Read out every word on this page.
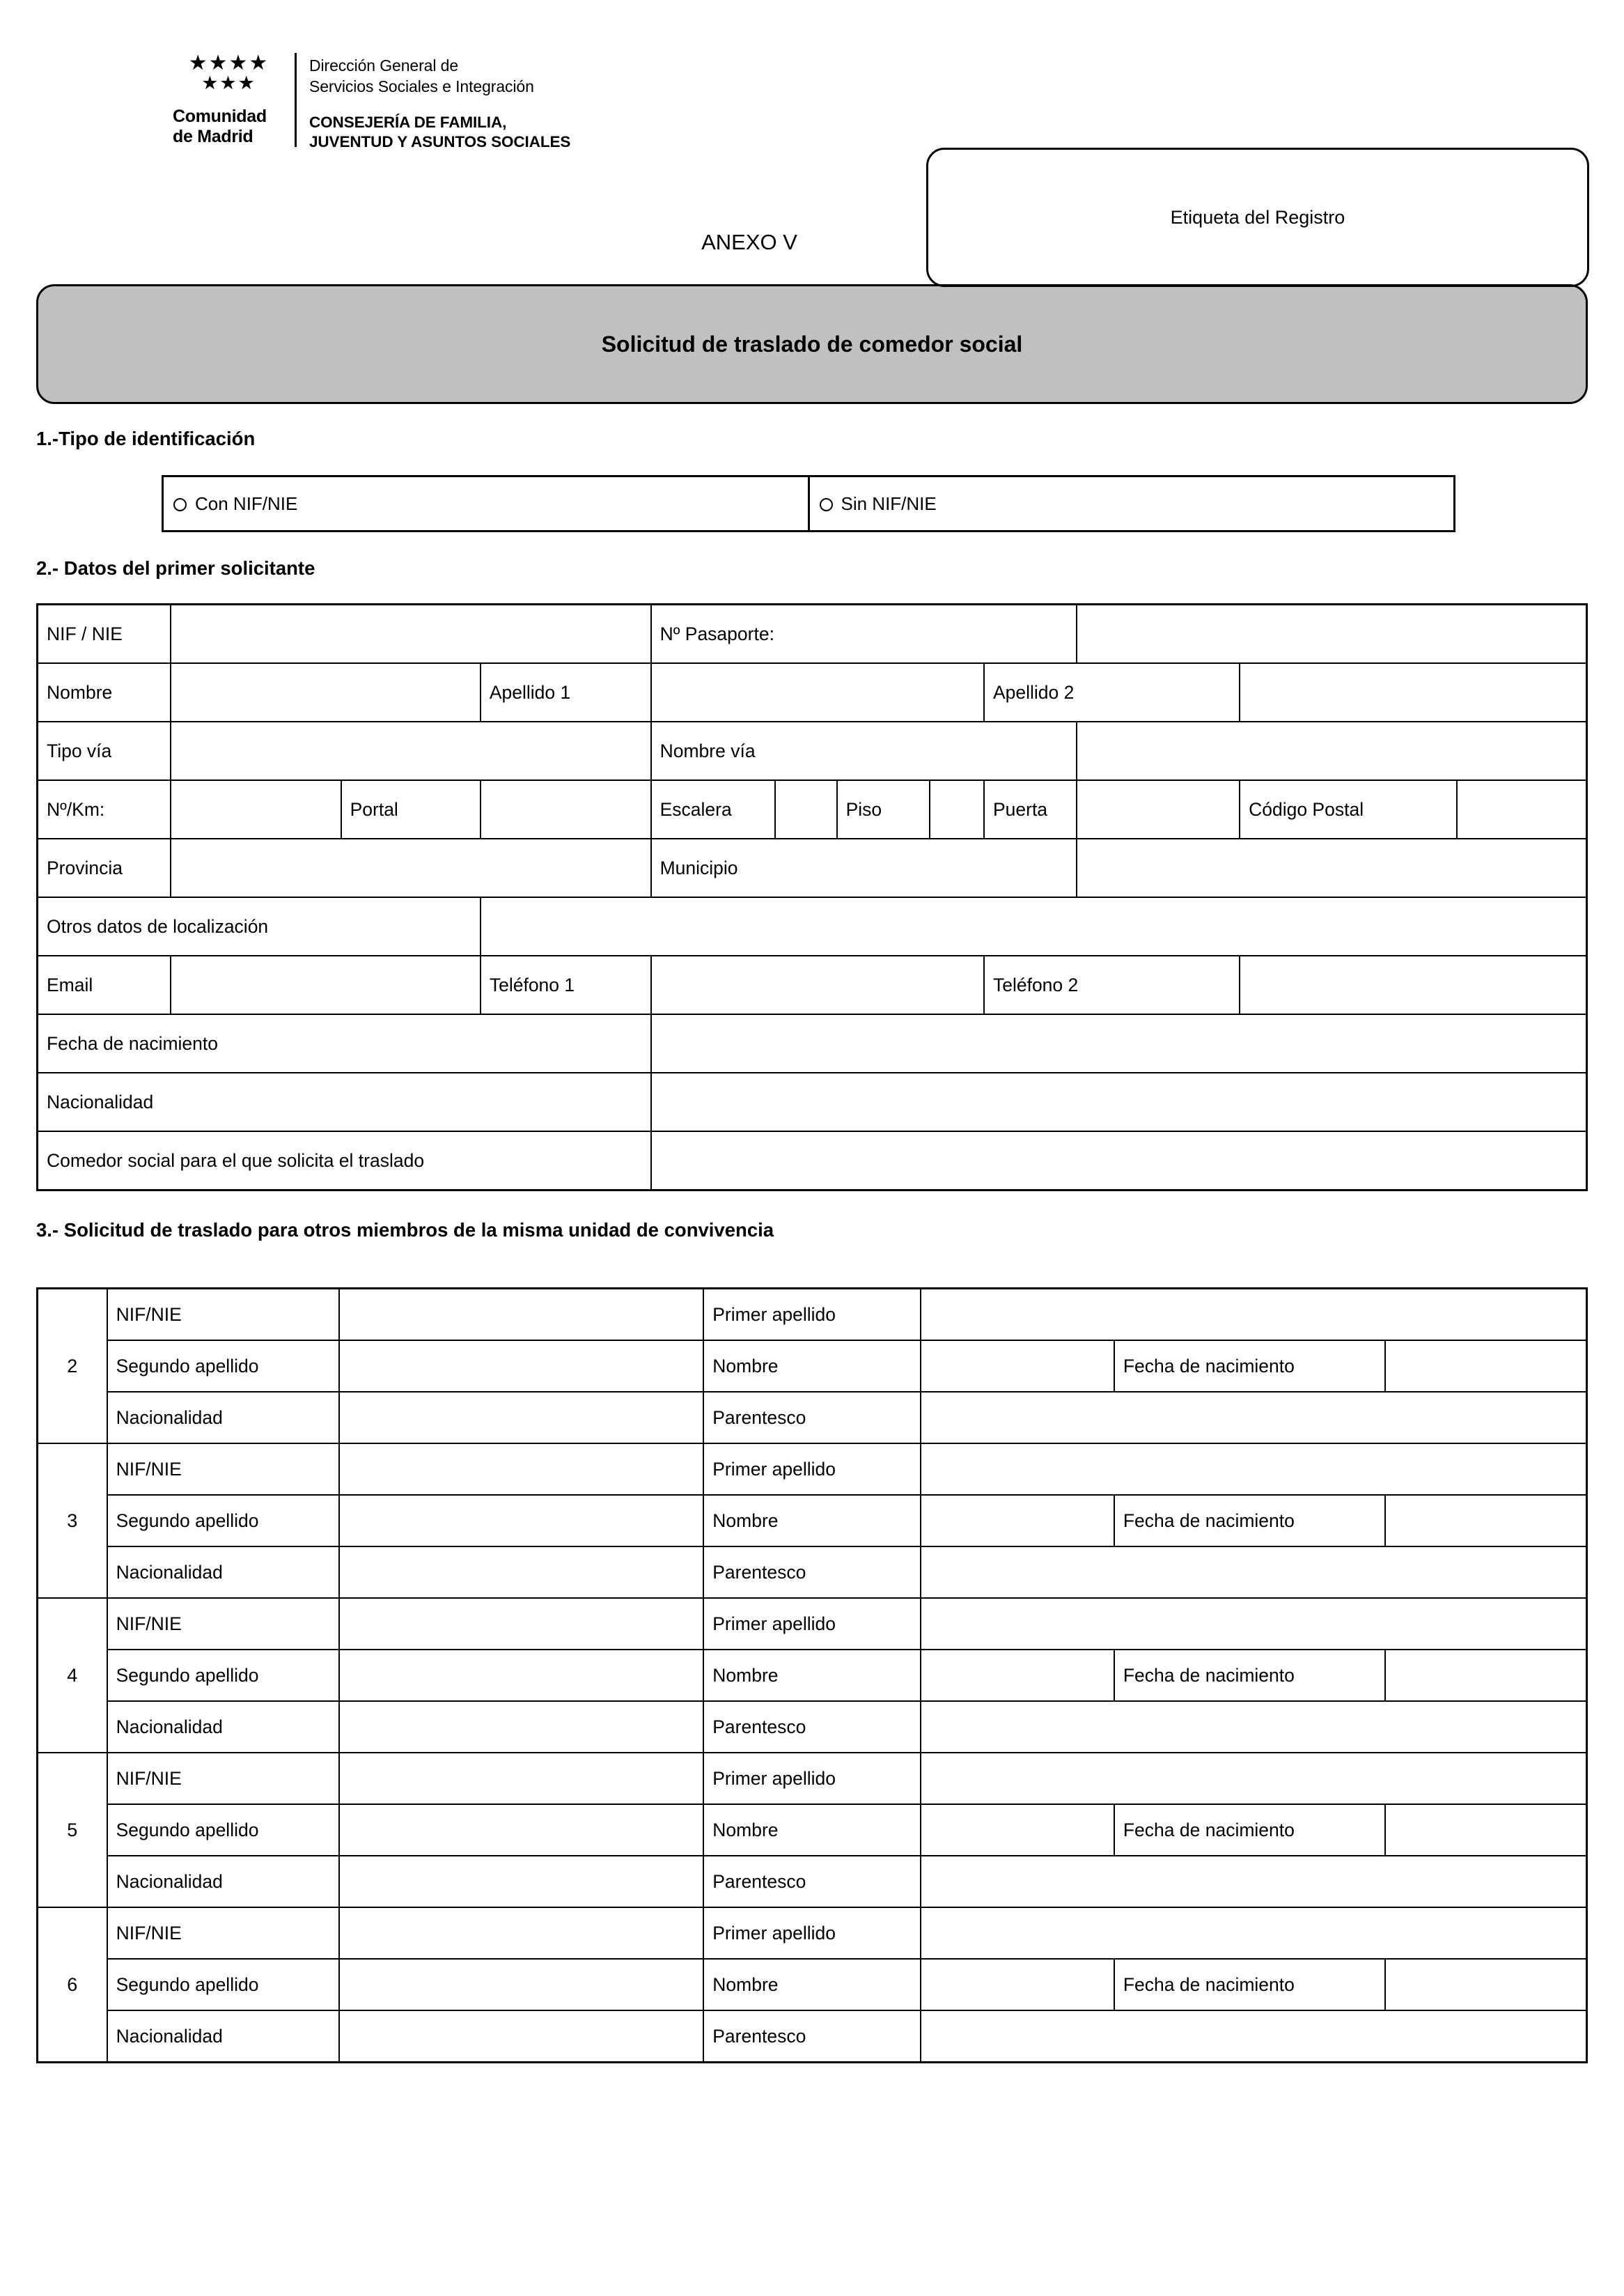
★★★★
★★★
Comunidad
de Madrid
Dirección General de
Servicios Sociales e Integración
CONSEJERÍA DE FAMILIA,
JUVENTUD Y ASUNTOS SOCIALES
Etiqueta del Registro
ANEXO V
Solicitud de traslado de comedor social
1.-Tipo de identificación
Con NIF/NIE	Sin NIF/NIE
2.- Datos del primer solicitante
NIF / NIE				Nº Pasaporte:							
Nombre			Apellido 1					Apellido 2			
Tipo vía				Nombre vía							
Nº/Km:		Portal		Escalera		Piso		Puerta		Código Postal	
Provincia				Municipio							
Otros datos de localización											
Email			Teléfono 1					Teléfono 2			
Fecha de nacimiento											
Nacionalidad											
Comedor social para el que solicita el traslado											
3.- Solicitud de traslado para otros miembros de la misma unidad de convivencia
2	NIF/NIE		Primer apellido			
	Segundo apellido		Nombre		Fecha de nacimiento	
	Nacionalidad		Parentesco			
3	NIF/NIE		Primer apellido			
	Segundo apellido		Nombre		Fecha de nacimiento	
	Nacionalidad		Parentesco			
4	NIF/NIE		Primer apellido			
	Segundo apellido		Nombre		Fecha de nacimiento	
	Nacionalidad		Parentesco			
5	NIF/NIE		Primer apellido			
	Segundo apellido		Nombre		Fecha de nacimiento	
	Nacionalidad		Parentesco			
6	NIF/NIE		Primer apellido			
	Segundo apellido		Nombre		Fecha de nacimiento	
	Nacionalidad		Parentesco			
